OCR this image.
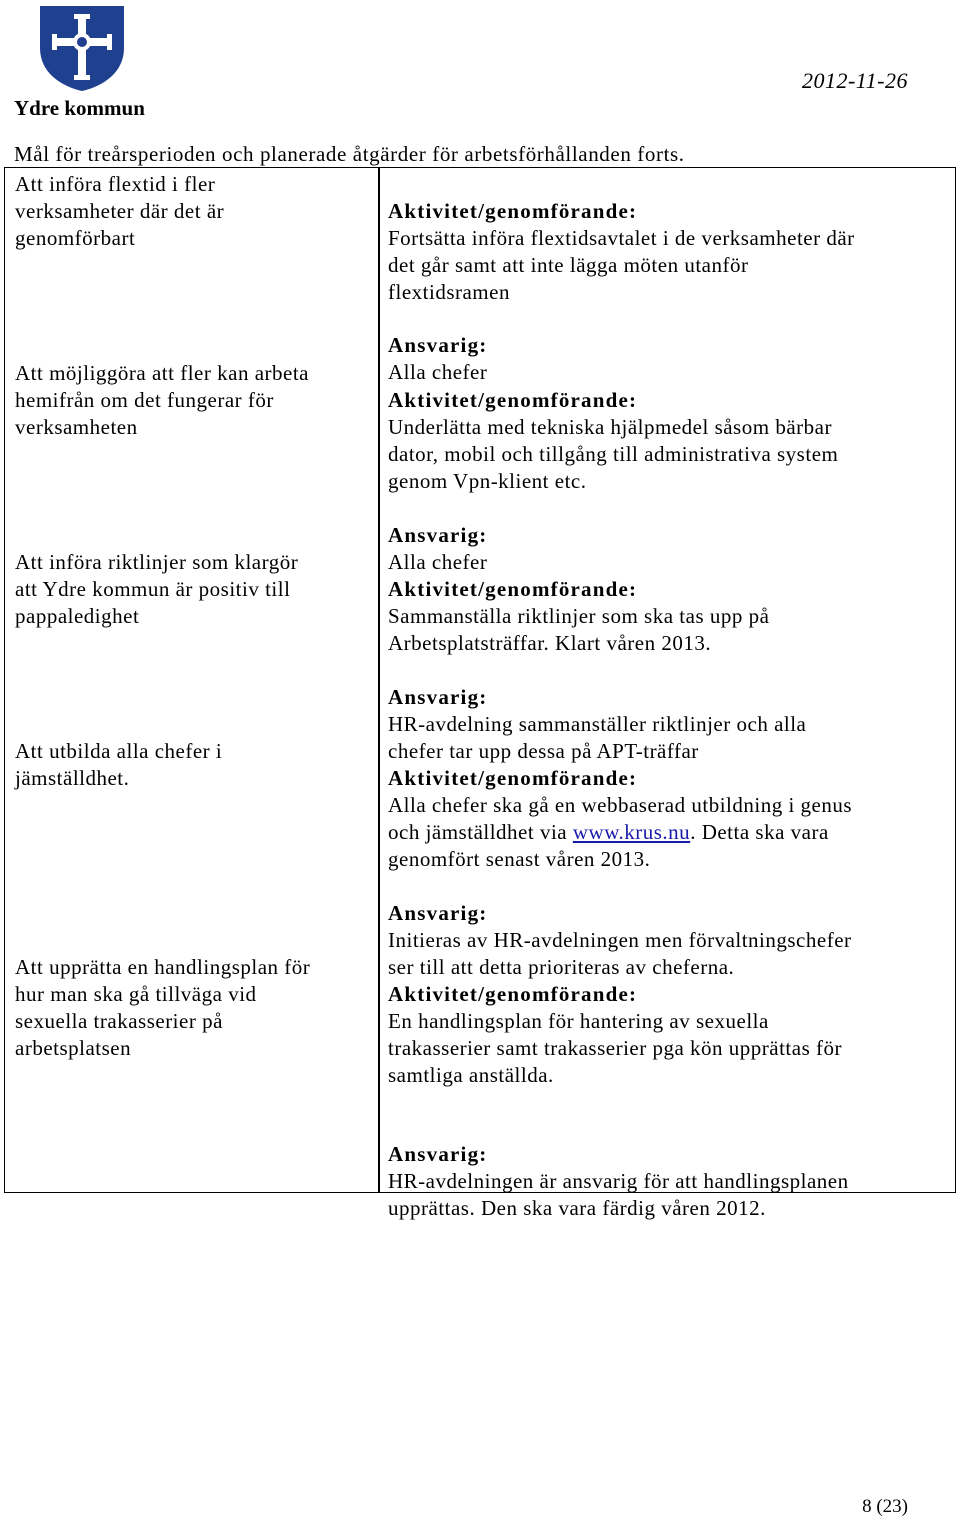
Ydre kommun
2012-11-26
Mål för treårsperioden och planerade åtgärder för arbetsförhållanden forts.
Att införa flextid i fler
verksamheter där det är
genomförbart

Aktivitet/genomförande:
Fortsätta införa flextidsavtalet i de verksamheter där
det går samt att inte lägga möten utanför
flextidsramen

Ansvarig:
Alla chefer

Att möjliggöra att fler kan arbeta
hemifrån om det fungerar för
verksamheten

Aktivitet/genomförande:
Underlätta med tekniska hjälpmedel såsom bärbar
dator, mobil och tillgång till administrativa system
genom Vpn-klient etc.

Ansvarig:
Alla chefer

Att införa riktlinjer som klargör
att Ydre kommun är positiv till
pappaledighet

Aktivitet/genomförande:
Sammanställa riktlinjer som ska tas upp på
Arbetsplatsträffar. Klart våren 2013.

Ansvarig:
HR-avdelning sammanställer riktlinjer och alla
chefer tar upp dessa på APT-träffar

Att utbilda alla chefer i
jämställdhet.	Aktivitet/genomförande:
Alla chefer ska gå en webbaserad utbildning i genus
och jämställdhet via www.krus.nu. Detta ska vara
genomfört senast våren 2013.

Ansvarig:
Initieras av HR-avdelningen men förvaltningschefer
ser till att detta prioriteras av cheferna.

Att upprätta en handlingsplan för
hur man ska gå tillväga vid
sexuella trakasserier på
arbetsplatsen

Aktivitet/genomförande:
En handlingsplan för hantering av sexuella
trakasserier samt trakasserier pga kön upprättas för
samtliga anställda.

Ansvarig:
HR-avdelningen är ansvarig för att handlingsplanen
upprättas. Den ska vara färdig våren 2012.

8 (23)
